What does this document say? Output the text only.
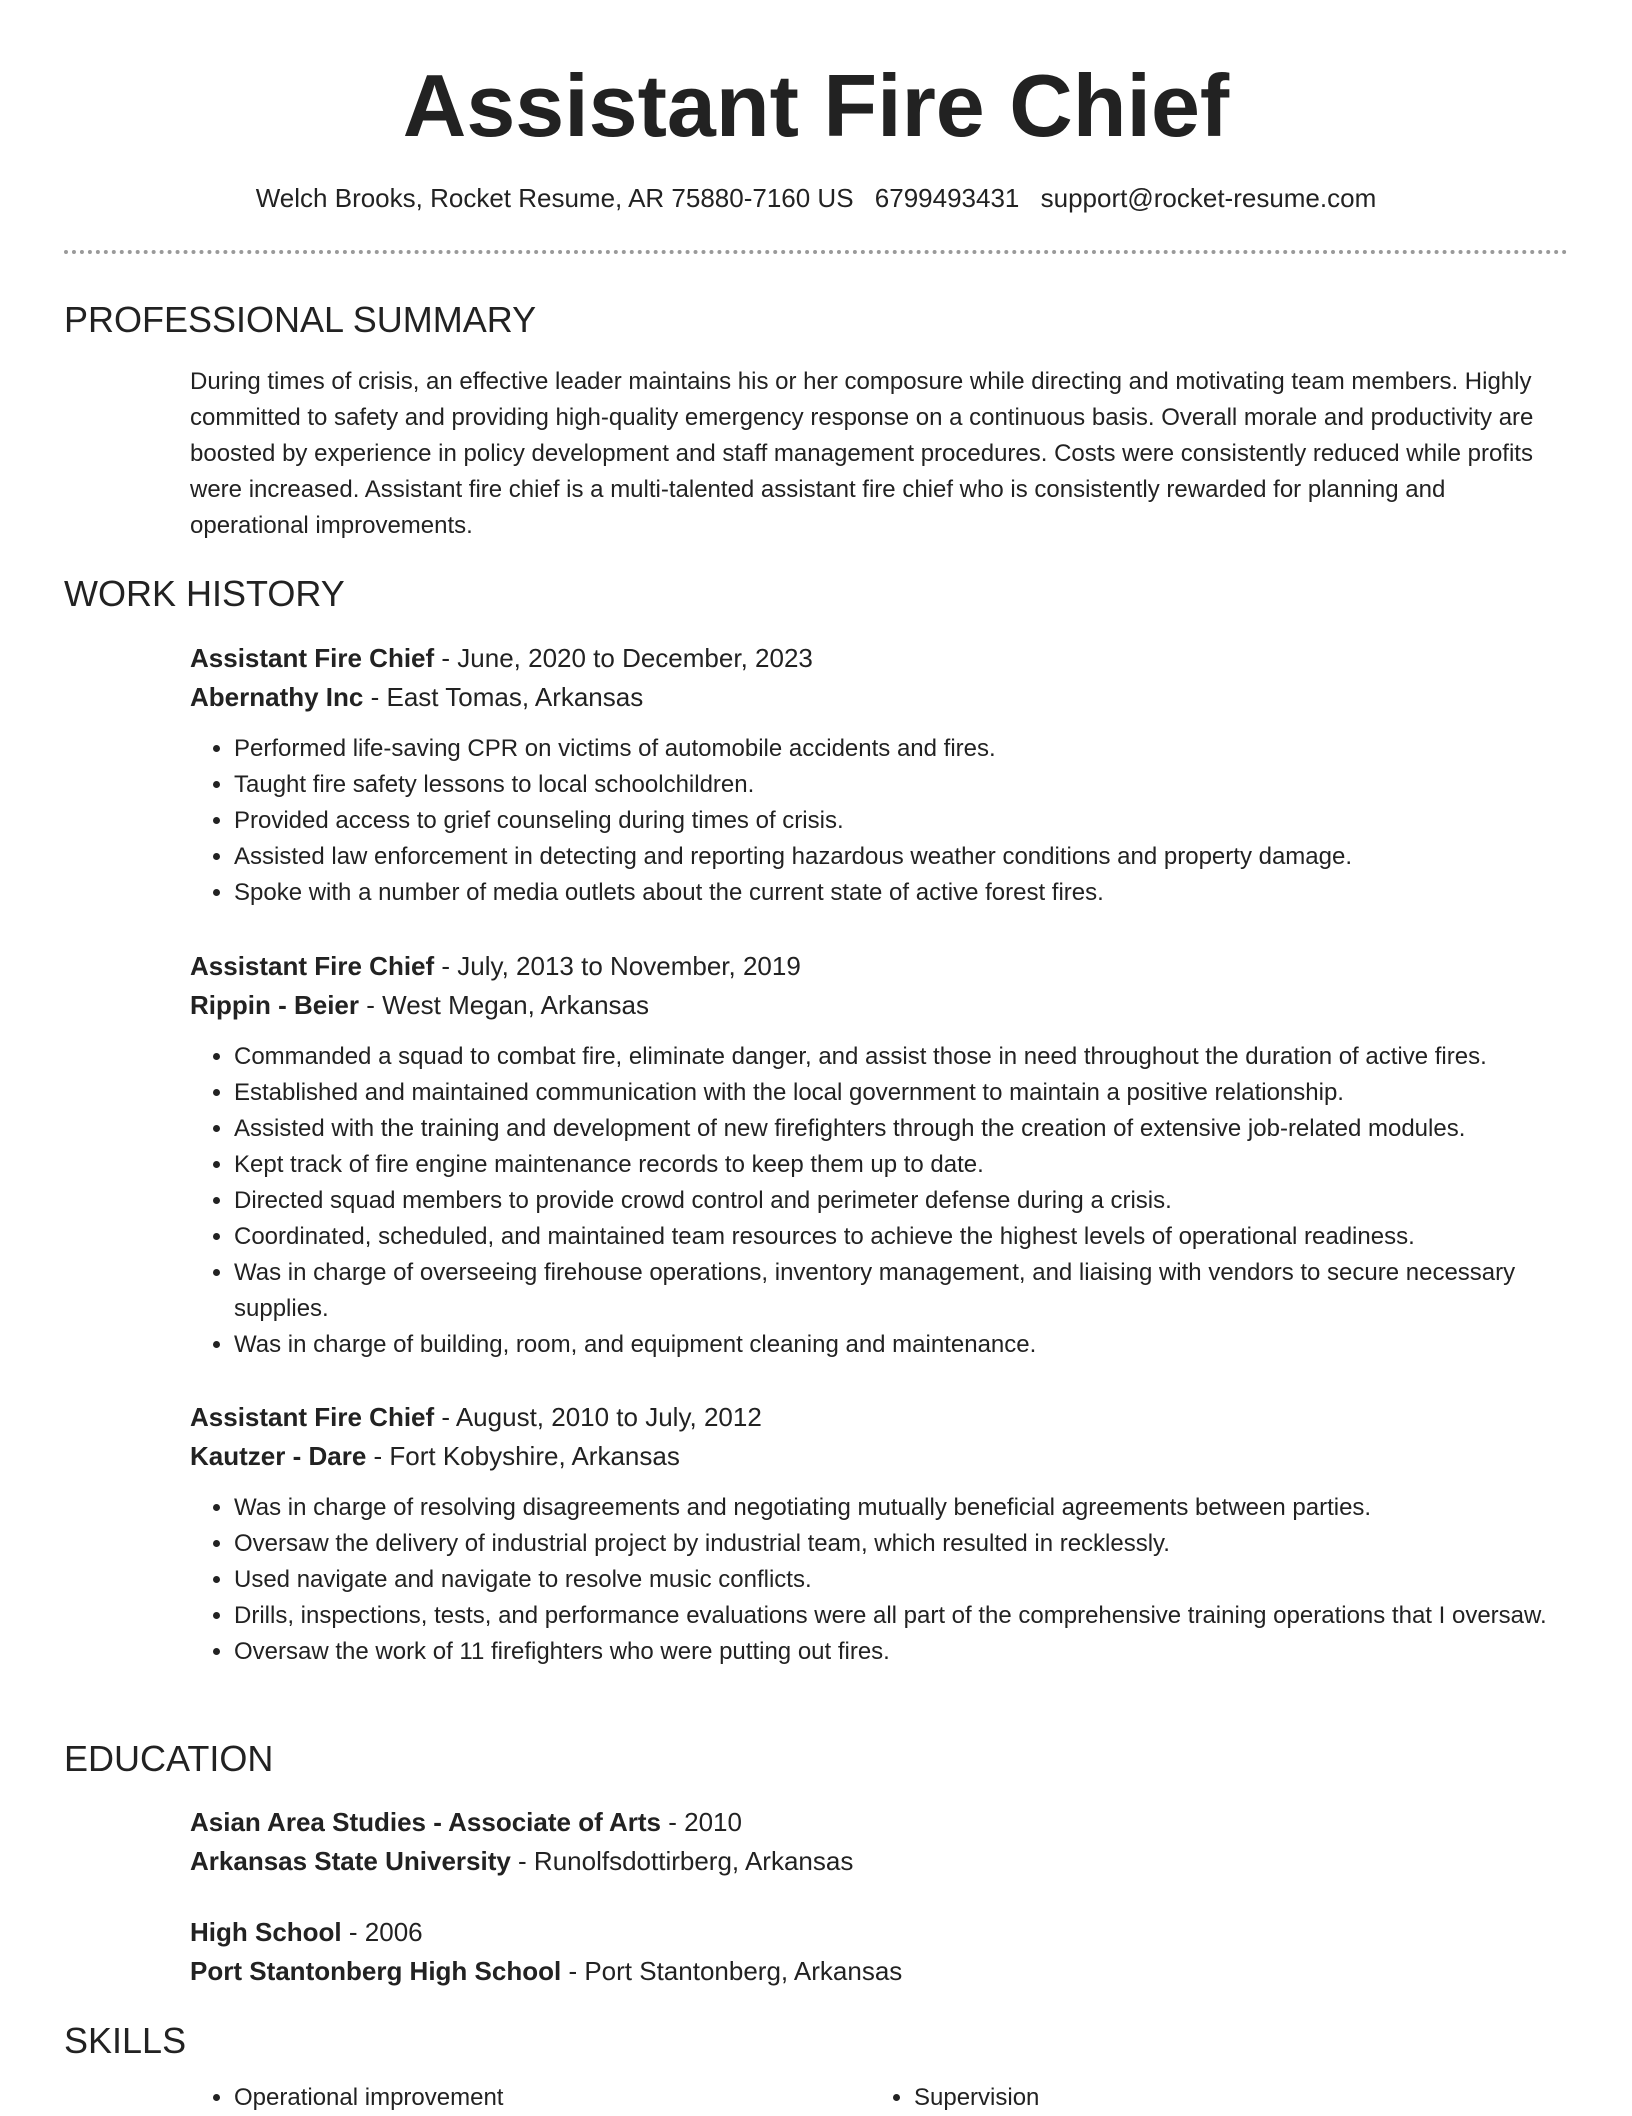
Assistant Fire Chief
Welch Brooks, Rocket Resume, AR 75880-7160 US 6799493431 support@rocket-resume.com
PROFESSIONAL SUMMARY

During times of crisis, an effective leader maintains his or her composure while directing and motivating team members. Highly committed to safety and providing high-quality emergency response on a continuous basis. Overall morale and productivity are boosted by experience in policy development and staff management procedures. Costs were consistently reduced while profits were increased. Assistant fire chief is a multi-talented assistant fire chief who is consistently rewarded for planning and operational improvements.

WORK HISTORY
Assistant Fire Chief - June, 2020 to December, 2023
Abernathy Inc - East Tomas, Arkansas
• Performed life-saving CPR on victims of automobile accidents and fires.
• Taught fire safety lessons to local schoolchildren.
• Provided access to grief counseling during times of crisis.
• Assisted law enforcement in detecting and reporting hazardous weather conditions and property damage.
• Spoke with a number of media outlets about the current state of active forest fires.
Assistant Fire Chief - July, 2013 to November, 2019
Rippin - Beier - West Megan, Arkansas
• Commanded a squad to combat fire, eliminate danger, and assist those in need throughout the duration of active fires.
• Established and maintained communication with the local government to maintain a positive relationship.
• Assisted with the training and development of new firefighters through the creation of extensive job-related modules.
• Kept track of fire engine maintenance records to keep them up to date.
• Directed squad members to provide crowd control and perimeter defense during a crisis.
• Coordinated, scheduled, and maintained team resources to achieve the highest levels of operational readiness.
• Was in charge of overseeing firehouse operations, inventory management, and liaising with vendors to secure necessary supplies.
• Was in charge of building, room, and equipment cleaning and maintenance.
Assistant Fire Chief - August, 2010 to July, 2012
Kautzer - Dare - Fort Kobyshire, Arkansas
• Was in charge of resolving disagreements and negotiating mutually beneficial agreements between parties.
• Oversaw the delivery of industrial project by industrial team, which resulted in recklessly.
• Used navigate and navigate to resolve music conflicts.
• Drills, inspections, tests, and performance evaluations were all part of the comprehensive training operations that I oversaw.
• Oversaw the work of 11 firefighters who were putting out fires.
EDUCATION
Asian Area Studies - Associate of Arts - 2010
Arkansas State University - Runolfsdottirberg, Arkansas
High School - 2006
Port Stantonberg High School - Port Stantonberg, Arkansas
SKILLS
• Operational improvement
•	Supervision
